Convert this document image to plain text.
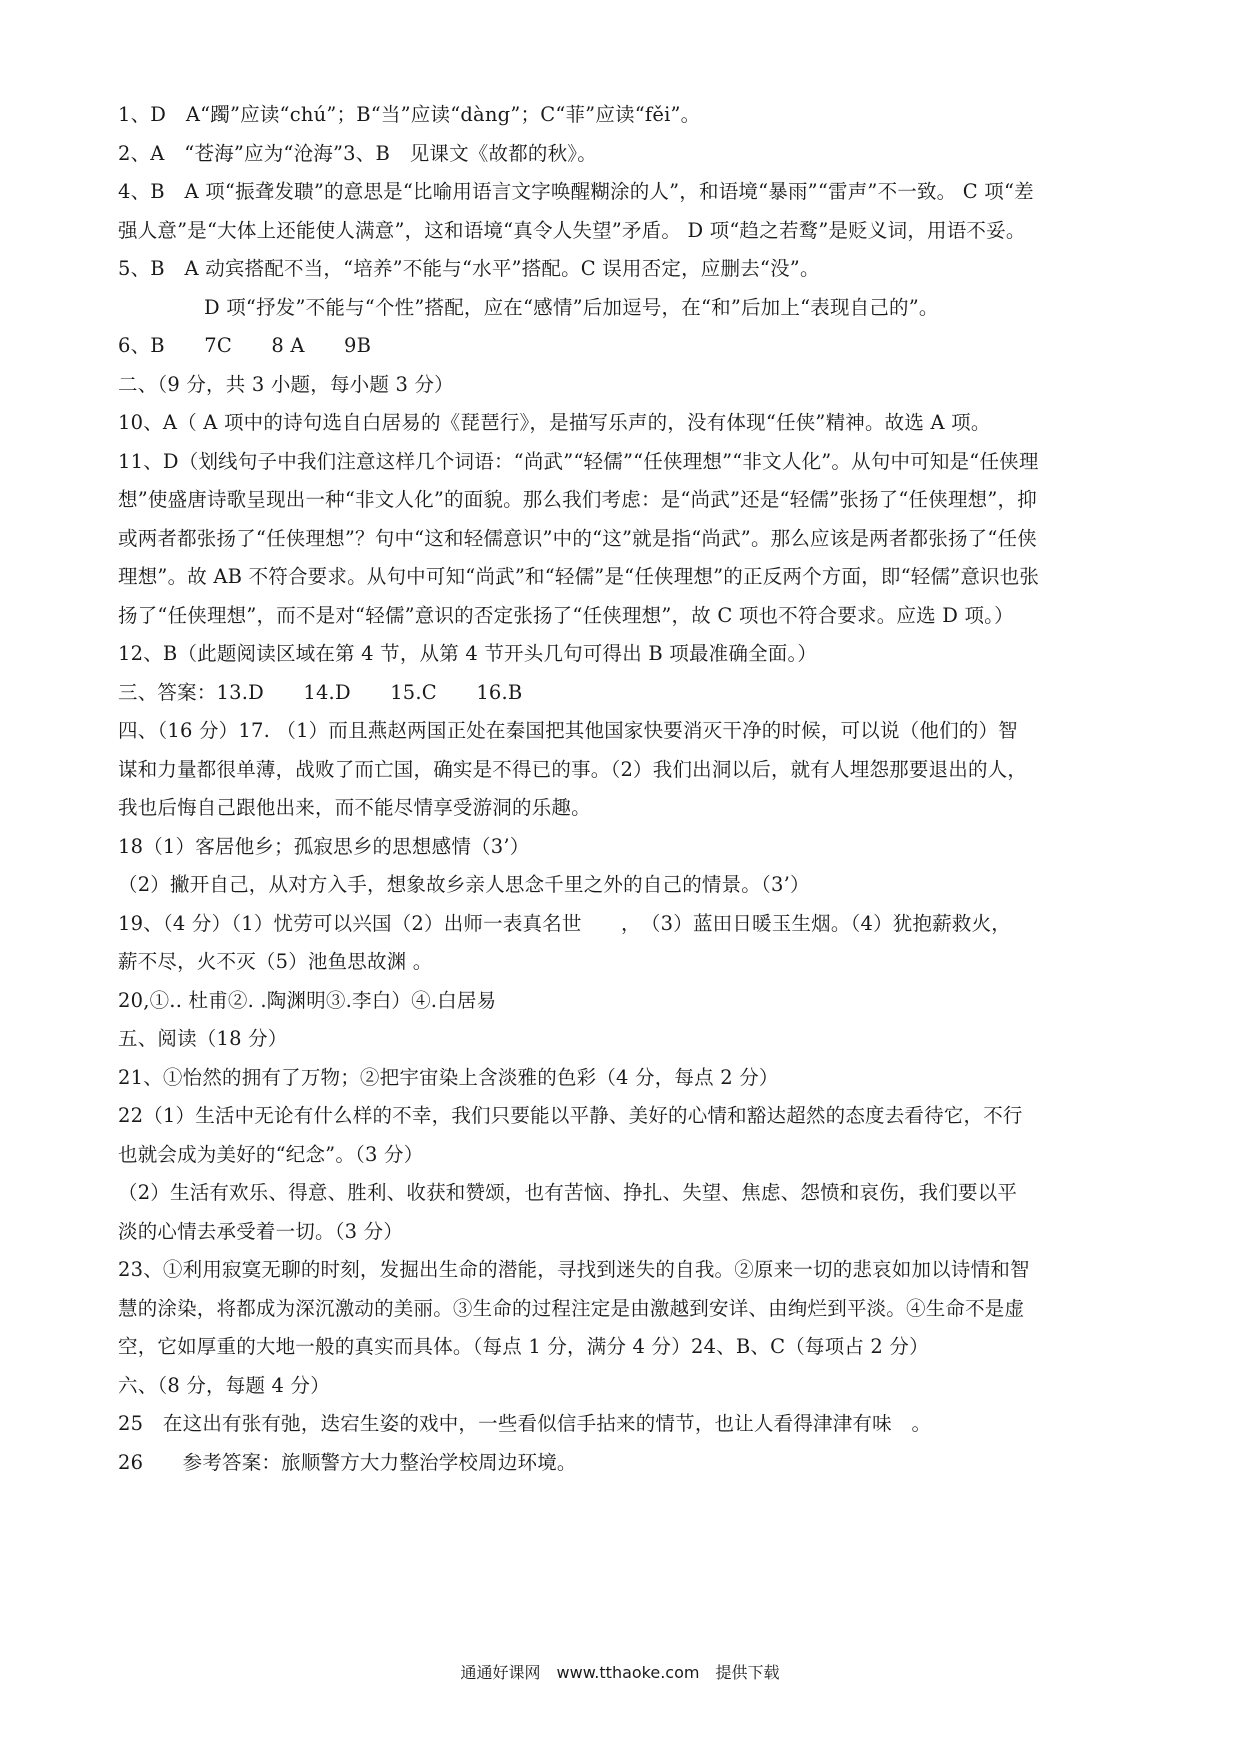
1、D　A“躅”应读“chú”；B“当”应读“dàng”；C“菲”应读“fěi”。
2、A　“苍海”应为“沧海”3、B　见课文《故都的秋》。
4、B　A 项“振聋发聩”的意思是“比喻用语言文字唤醒糊涂的人”，和语境“暴雨”“雷声”不一致。 C 项“差
强人意”是“大体上还能使人满意”，这和语境“真令人失望”矛盾。 D 项“趋之若鹜”是贬义词，用语不妥。
5、B　A 动宾搭配不当，“培养”不能与“水平”搭配。C 误用否定，应删去“没”。
D 项“抒发”不能与“个性”搭配，应在“感情”后加逗号，在“和”后加上“表现自己的”。
6、B　　7C　　8 A　　9B
二、（9 分，共 3 小题，每小题 3 分）
10、A（ A 项中的诗句选自白居易的《琵琶行》，是描写乐声的，没有体现“任侠”精神。故选 A 项。
11、D（划线句子中我们注意这样几个词语：“尚武”“轻儒”“任侠理想”“非文人化”。从句中可知是“任侠理
想”使盛唐诗歌呈现出一种“非文人化”的面貌。那么我们考虑：是“尚武”还是“轻儒”张扬了“任侠理想”，抑
或两者都张扬了“任侠理想”？句中“这和轻儒意识”中的“这”就是指“尚武”。那么应该是两者都张扬了“任侠
理想”。故 AB 不符合要求。从句中可知“尚武”和“轻儒”是“任侠理想”的正反两个方面，即“轻儒”意识也张
扬了“任侠理想”，而不是对“轻儒”意识的否定张扬了“任侠理想”，故 C 项也不符合要求。应选 D 项。）
12、B（此题阅读区域在第 4 节，从第 4 节开头几句可得出 B 项最准确全面。）
三、答案：13.D　　14.D　　15.C　　16.B
四、（16 分）17. （1）而且燕赵两国正处在秦国把其他国家快要消灭干净的时候，可以说（他们的）智
谋和力量都很单薄，战败了而亡国，确实是不得已的事。（2）我们出洞以后，就有人埋怨那要退出的人，
我也后悔自己跟他出来，而不能尽情享受游洞的乐趣。
18（1）客居他乡；孤寂思乡的思想感情（3’）
（2）撇开自己，从对方入手，想象故乡亲人思念千里之外的自己的情景。（3’）
19、（4 分）（1）忧劳可以兴国（2）出师一表真名世　　，　（3）蓝田日暖玉生烟。（4）犹抱薪救火，
薪不尽，火不灭（5）池鱼思故渊 。
20,①.. 杜甫②. .陶渊明③.李白）④.白居易
五、阅读（18 分）
21、①怡然的拥有了万物；②把宇宙染上含淡雅的色彩（4 分，每点 2 分）
22（1）生活中无论有什么样的不幸，我们只要能以平静、美好的心情和豁达超然的态度去看待它，不行
也就会成为美好的“纪念”。（3 分）
（2）生活有欢乐、得意、胜利、收获和赞颂，也有苦恼、挣扎、失望、焦虑、怨愤和哀伤，我们要以平
淡的心情去承受着一切。（3 分）
23、①利用寂寞无聊的时刻，发掘出生命的潜能，寻找到迷失的自我。②原来一切的悲哀如加以诗情和智
慧的涂染，将都成为深沉激动的美丽。③生命的过程注定是由激越到安详、由绚烂到平淡。④生命不是虚
空，它如厚重的大地一般的真实而具体。（每点 1 分，满分 4 分）24、B、C（每项占 2 分）
六、（8 分，每题 4 分）
25　在这出有张有弛，迭宕生姿的戏中，一些看似信手拈来的情节，也让人看得津津有味　。
26　　参考答案：旅顺警方大力整治学校周边环境。
通通好课网　www.tthaoke.com　提供下载
